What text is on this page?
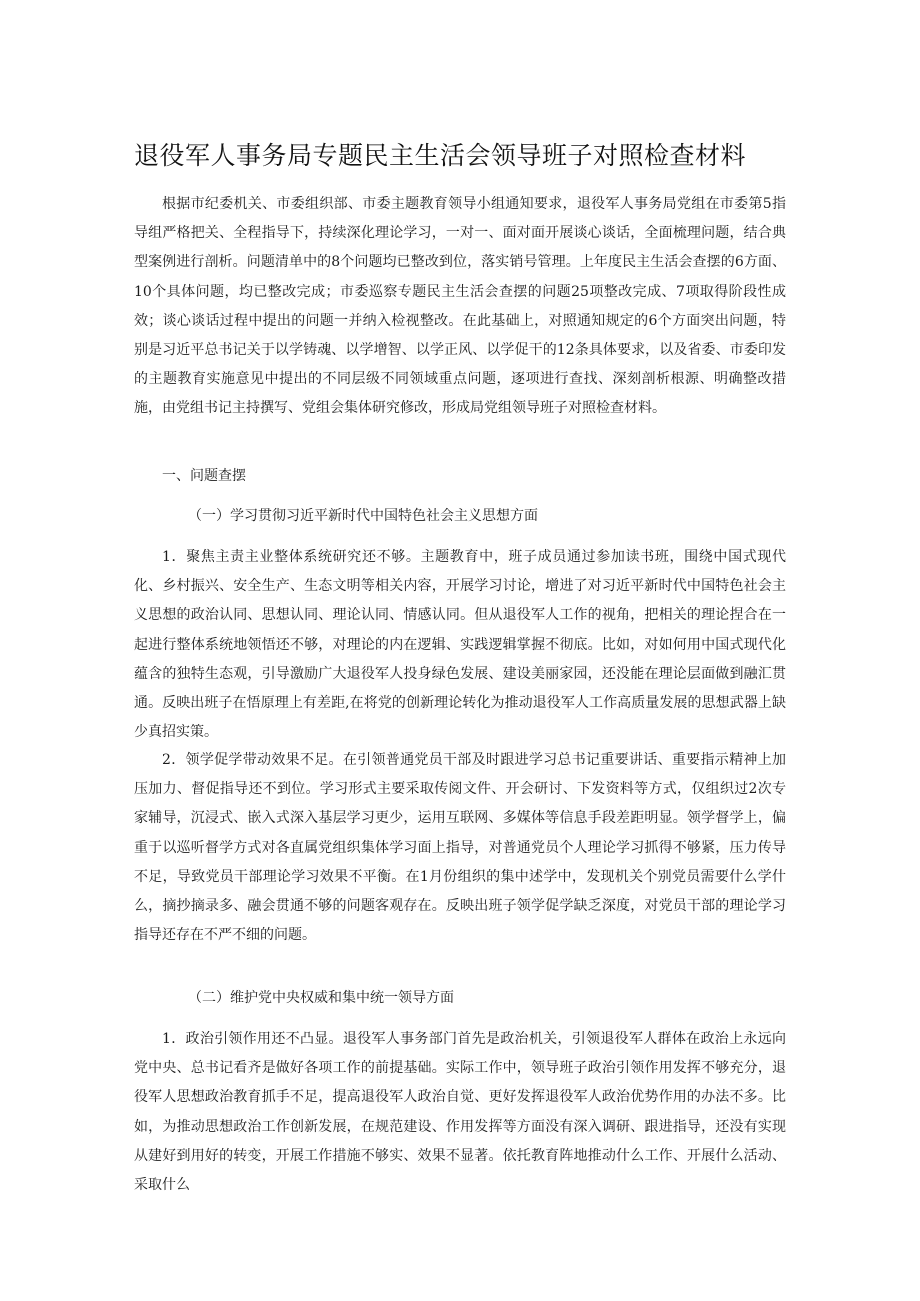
退役军人事务局专题民主生活会领导班子对照检查材料

根据市纪委机关、市委组织部、市委主题教育领导小组通知要求，退役军人事务局党组在市委第5指导组严格把关、全程指导下，持续深化理论学习，一对一、面对面开展谈心谈话，全面梳理问题，结合典型案例进行剖析。问题清单中的8个问题均已整改到位，落实销号管理。上年度民主生活会查摆的6方面、10个具体问题，均已整改完成；市委巡察专题民主生活会查摆的问题25项整改完成、7项取得阶段性成效；谈心谈话过程中提出的问题一并纳入检视整改。在此基础上，对照通知规定的6个方面突出问题，特别是习近平总书记关于以学铸魂、以学增智、以学正风、以学促干的12条具体要求，以及省委、市委印发的主题教育实施意见中提出的不同层级不同领域重点问题，逐项进行查找、深刻剖析根源、明确整改措施，由党组书记主持撰写、党组会集体研究修改，形成局党组领导班子对照检查材料。

一、问题查摆
（一）学习贯彻习近平新时代中国特色社会主义思想方面

1．聚焦主责主业整体系统研究还不够。主题教育中，班子成员通过参加读书班，围绕中国式现代化、乡村振兴、安全生产、生态文明等相关内容，开展学习讨论，增进了对习近平新时代中国特色社会主义思想的政治认同、思想认同、理论认同、情感认同。但从退役军人工作的视角，把相关的理论捏合在一起进行整体系统地领悟还不够，对理论的内在逻辑、实践逻辑掌握不彻底。比如，对如何用中国式现代化蕴含的独特生态观，引导激励广大退役军人投身绿色发展、建设美丽家园，还没能在理论层面做到融汇贯通。反映出班子在悟原理上有差距,在将党的创新理论转化为推动退役军人工作高质量发展的思想武器上缺少真招实策。

2．领学促学带动效果不足。在引领普通党员干部及时跟进学习总书记重要讲话、重要指示精神上加压加力、督促指导还不到位。学习形式主要采取传阅文件、开会研讨、下发资料等方式，仅组织过2次专家辅导，沉浸式、嵌入式深入基层学习更少，运用互联网、多媒体等信息手段差距明显。领学督学上，偏重于以巡听督学方式对各直属党组织集体学习面上指导，对普通党员个人理论学习抓得不够紧，压力传导不足，导致党员干部理论学习效果不平衡。在1月份组织的集中述学中，发现机关个别党员需要什么学什么，摘抄摘录多、融会贯通不够的问题客观存在。反映出班子领学促学缺乏深度，对党员干部的理论学习指导还存在不严不细的问题。

（二）维护党中央权威和集中统一领导方面

1．政治引领作用还不凸显。退役军人事务部门首先是政治机关，引领退役军人群体在政治上永远向党中央、总书记看齐是做好各项工作的前提基础。实际工作中，领导班子政治引领作用发挥不够充分，退役军人思想政治教育抓手不足，提高退役军人政治自觉、更好发挥退役军人政治优势作用的办法不多。比如，为推动思想政治工作创新发展，在规范建设、作用发挥等方面没有深入调研、跟进指导，还没有实现从建好到用好的转变，开展工作措施不够实、效果不显著。依托教育阵地推动什么工作、开展什么活动、采取什么
